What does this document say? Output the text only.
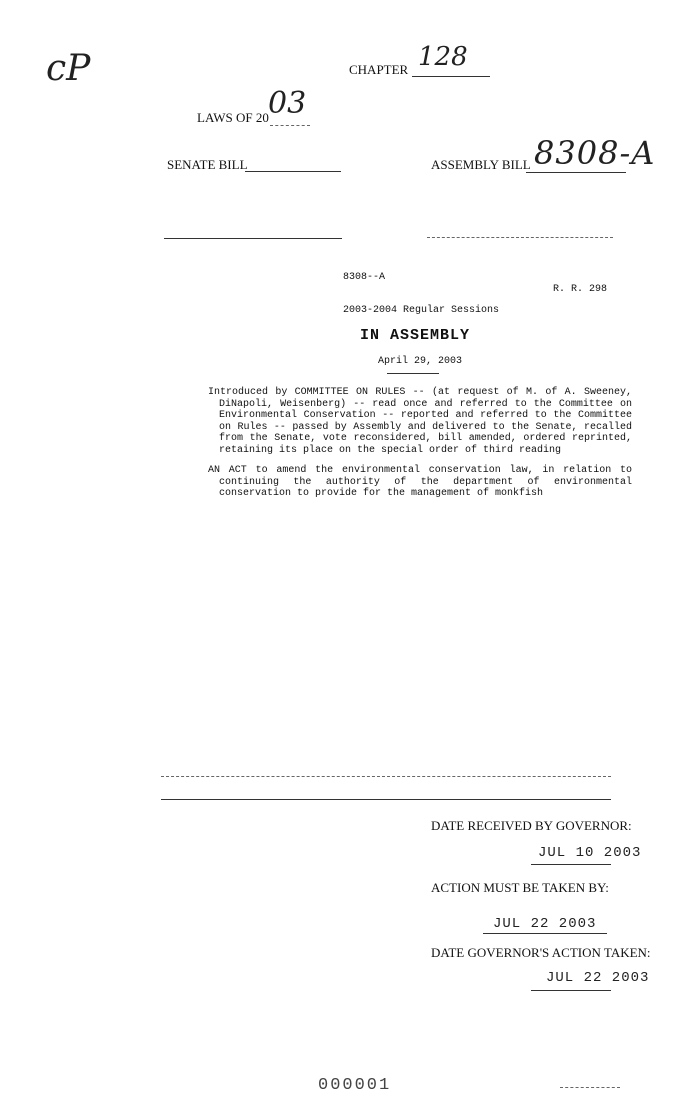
cP	CHAPTER 128
LAWS OF 20 03
SENATE BILL	ASSEMBLY BILL 8308-A
8308--A
R. R. 298
2003-2004 Regular Sessions
IN ASSEMBLY
April 29, 2003

Introduced by COMMITTEE ON RULES -- (at request of M. of A. Sweeney, DiNapoli, Weisenberg) -- read once and referred to the Committee on Environmental Conservation -- reported and referred to the Committee on Rules -- passed by Assembly and delivered to the Senate, recalled from the Senate, vote reconsidered, bill amended, ordered reprinted, retaining its place on the special order of third reading

AN ACT to amend the environmental conservation law, in relation to continuing the authority of the department of environmental conservation to provide for the management of monkfish

DATE RECEIVED BY GOVERNOR:
JUL 10 2003
ACTION MUST BE TAKEN BY:
JUL 22 2003
DATE GOVERNOR'S ACTION TAKEN:
JUL 22 2003
000001
